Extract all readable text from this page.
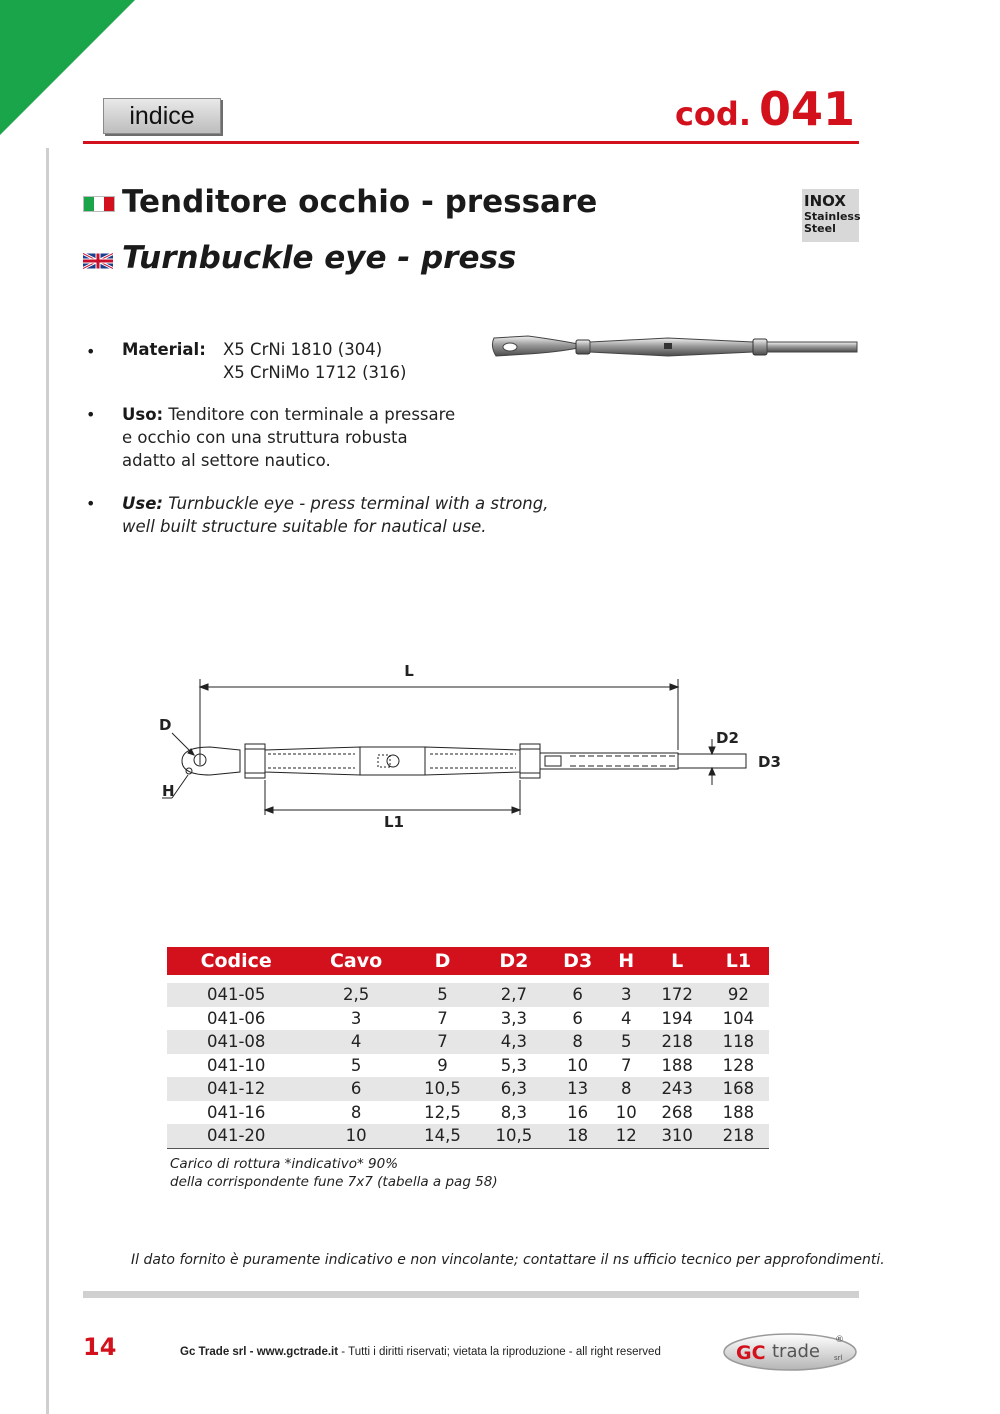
indice	cod. 041
Tenditore occhio - pressare
Turnbuckle eye - press
INOX
Stainless
Steel
• Material: X5 CrNi 1810 (304)
X5 CrNiMo 1712 (316)
• Uso: Tenditore con terminale a pressare
e occhio con una struttura robusta
adatto al settore nautico.
• Use: Turnbuckle eye - press terminal with a strong,
well built structure suitable for nautical use.
L
L1
D
H
D2
D3
Codice	Cavo	D	D2	D3	H	L	L1

041-05	2,5	5	2,7	6	3	172	92
041-06	3	7	3,3	6	4	194	104
041-08	4	7	4,3	8	5	218	118
041-10	5	9	5,3	10	7	188	128
041-12	6	10,5	6,3	13	8	243	168
041-16	8	12,5	8,3	16	10	268	188
041-20	10	14,5	10,5	18	12	310	218
Carico di rottura *indicativo* 90%
della corrispondente fune 7x7 (tabella a pag 58)
Il dato fornito è puramente indicativo e non vincolante; contattare il ns ufficio tecnico per approfondimenti.
14	Gc Trade srl - www.gctrade.it - Tutti i diritti riservati; vietata la riproduzione - all right reserved	GC trade srl
®
